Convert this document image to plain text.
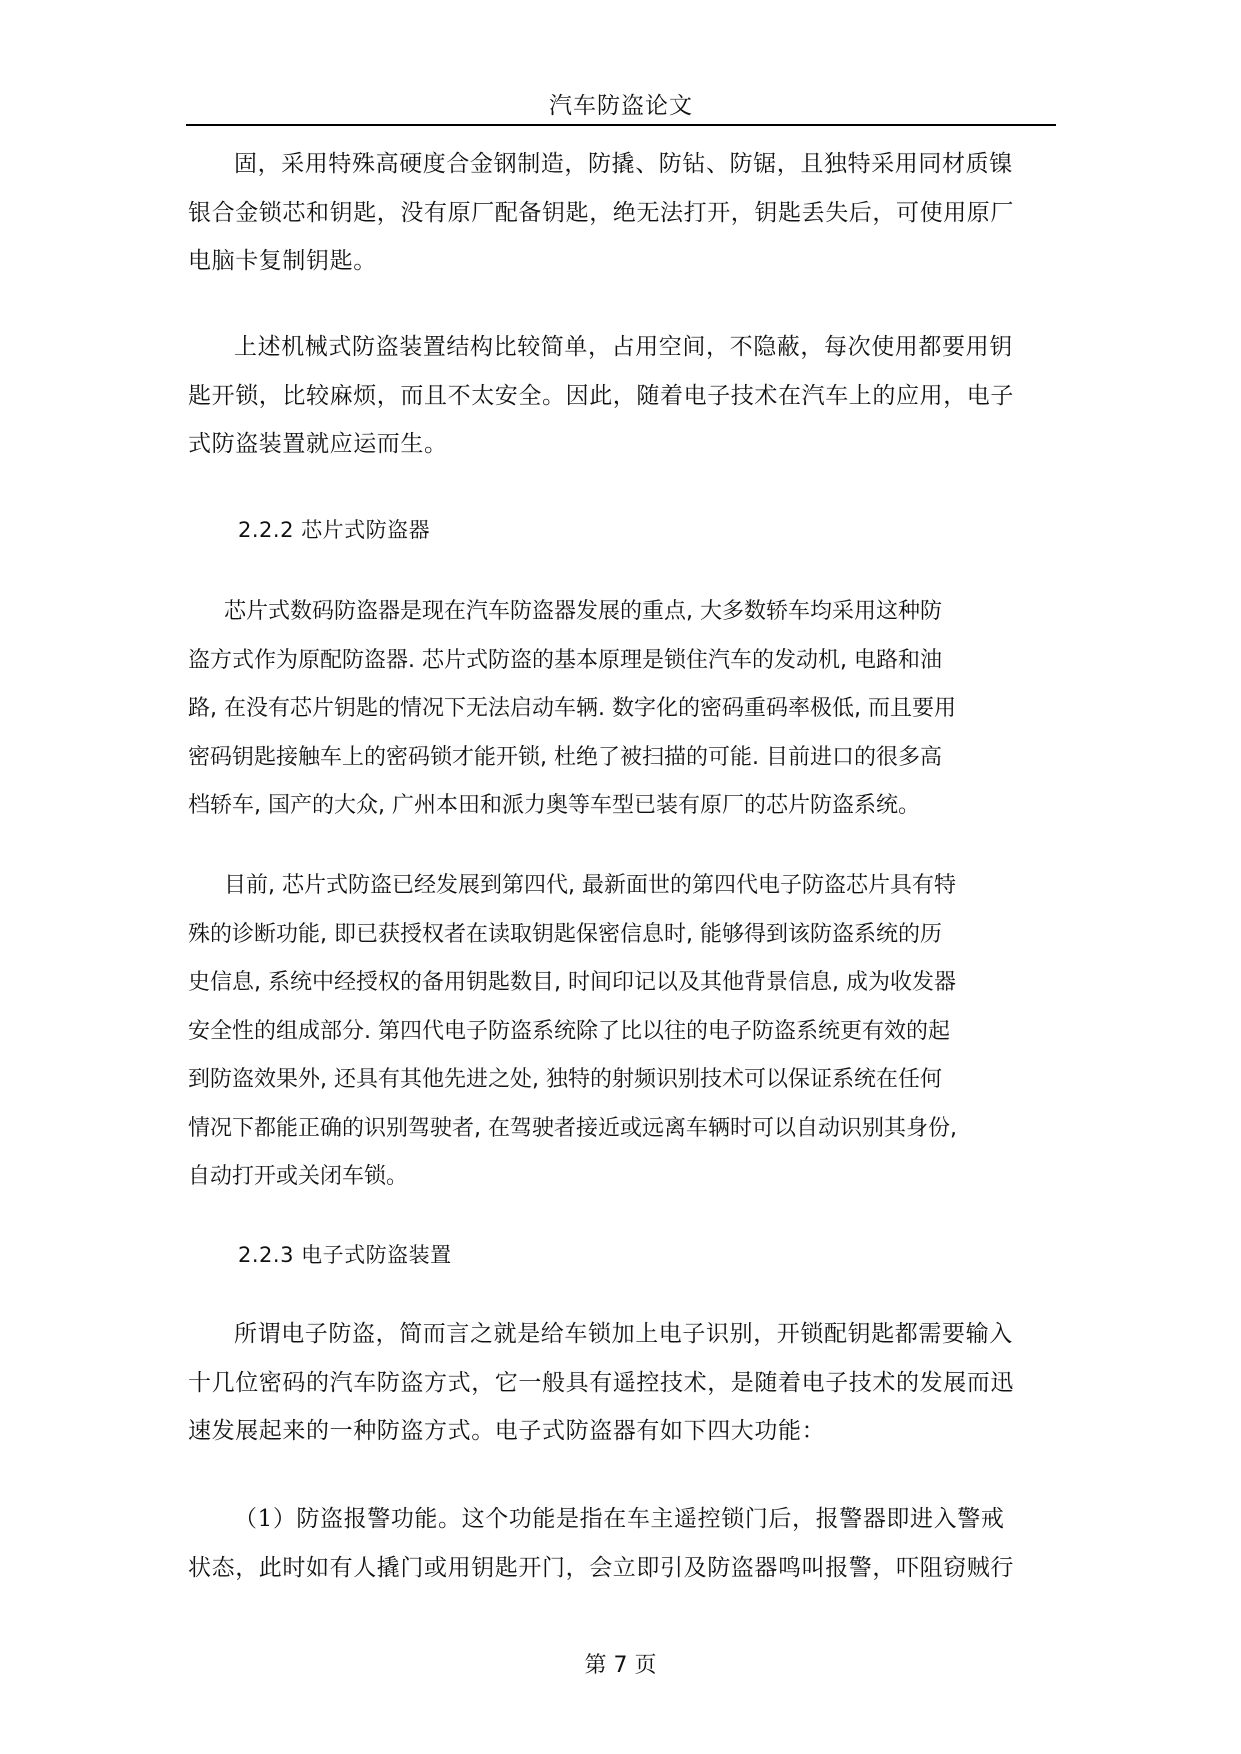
汽车防盗论文
固，采用特殊高硬度合金钢制造，防撬、防钻、防锯，且独特采用同材质镍
银合金锁芯和钥匙，没有原厂配备钥匙，绝无法打开，钥匙丢失后，可使用原厂
电脑卡复制钥匙。
上述机械式防盗装置结构比较简单，占用空间，不隐蔽，每次使用都要用钥
匙开锁，比较麻烦，而且不太安全。因此，随着电子技术在汽车上的应用，电子
式防盗装置就应运而生。
2.2.2 芯片式防盗器
芯片式数码防盗器是现在汽车防盗器发展的重点, 大多数轿车均采用这种防
盗方式作为原配防盗器. 芯片式防盗的基本原理是锁住汽车的发动机, 电路和油
路, 在没有芯片钥匙的情况下无法启动车辆. 数字化的密码重码率极低, 而且要用
密码钥匙接触车上的密码锁才能开锁, 杜绝了被扫描的可能. 目前进口的很多高
档轿车, 国产的大众, 广州本田和派力奥等车型已装有原厂的芯片防盗系统。
目前, 芯片式防盗已经发展到第四代, 最新面世的第四代电子防盗芯片具有特
殊的诊断功能, 即已获授权者在读取钥匙保密信息时, 能够得到该防盗系统的历
史信息, 系统中经授权的备用钥匙数目, 时间印记以及其他背景信息, 成为收发器
安全性的组成部分. 第四代电子防盗系统除了比以往的电子防盗系统更有效的起
到防盗效果外, 还具有其他先进之处, 独特的射频识别技术可以保证系统在任何
情况下都能正确的识别驾驶者, 在驾驶者接近或远离车辆时可以自动识别其身份,
自动打开或关闭车锁。
2.2.3 电子式防盗装置
所谓电子防盗，简而言之就是给车锁加上电子识别，开锁配钥匙都需要输入
十几位密码的汽车防盗方式，它一般具有遥控技术，是随着电子技术的发展而迅
速发展起来的一种防盗方式。电子式防盗器有如下四大功能：
（1）防盗报警功能。这个功能是指在车主遥控锁门后，报警器即进入警戒
状态，此时如有人撬门或用钥匙开门，会立即引及防盗器鸣叫报警，吓阻窃贼行
第 7 页
